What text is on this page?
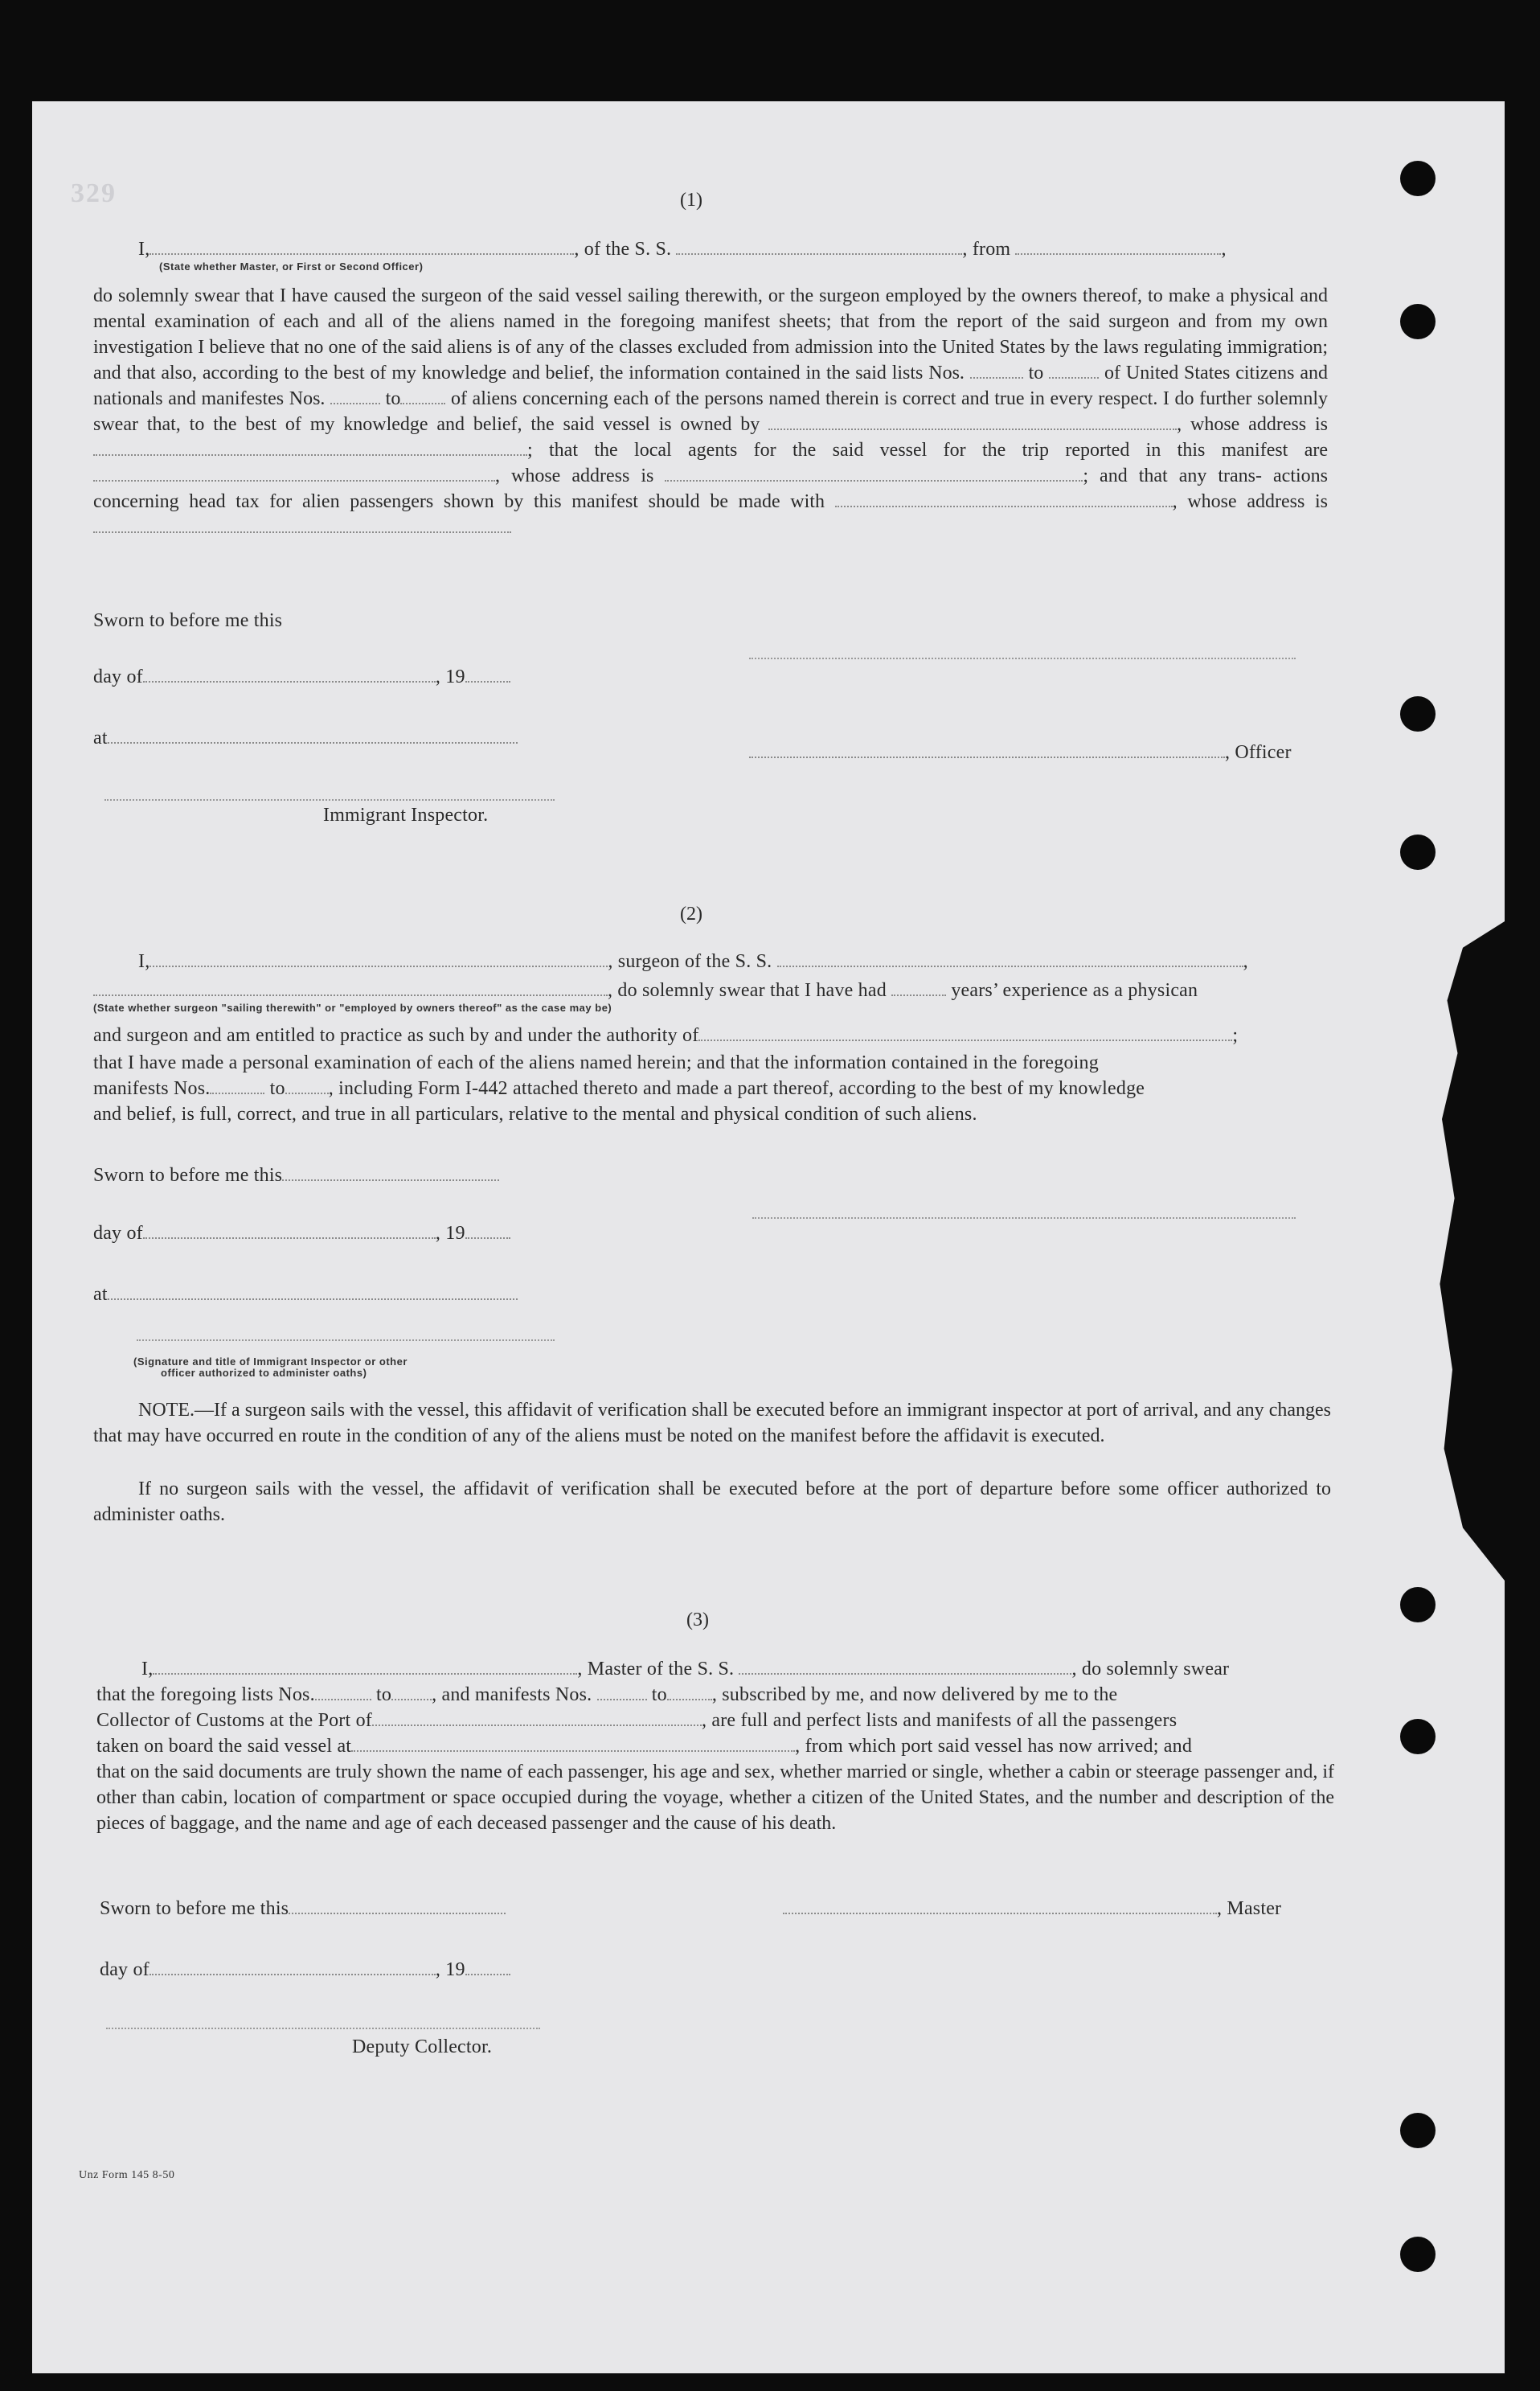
329	(1)
I,	, of the S. S.	, from	,
(State whether Master, or First or Second Officer)
do solemnly swear that I have caused the surgeon of the said vessel sailing therewith, or the surgeon employed by the owners thereof, to make a physical and mental examination of each and all of the aliens named in the foregoing manifest sheets; that from the report of the said surgeon and from my own investigation I believe that no one of the said aliens is of any of the classes excluded from admission into the United States by the laws regulating immigration; and that also, according to the best of my knowledge and belief, the information contained in the said lists Nos.	to	of United States citizens and nationals and manifestes Nos.	to	of aliens concerning each of the persons named therein is correct and true in every respect. I do further solemnly swear that, to the best of my knowledge and belief, the said vessel is owned by	, whose address is ; that the local agents for the said vessel for the trip reported in this manifest are , whose address is	; and that any trans- actions concerning head tax for alien passengers shown by this manifest should be made with	, whose address is
Sworn to before me this
day of	, 19
at
, Officer
Immigrant Inspector.
(2)
I,	, surgeon of the S. S.	,
, do solemnly swear that I have had	years’ experience as a physican
(State whether surgeon "sailing therewith" or "employed by owners thereof" as the case may be)
and surgeon and am entitled to practice as such by and under the authority of	;
that I have made a personal examination of each of the aliens named herein; and that the information contained in the foregoing
manifests Nos.	to , including Form I-442 attached thereto and made a part thereof, according to the best of my knowledge
and belief, is full, correct, and true in all particulars, relative to the mental and physical condition of such aliens.
Sworn to before me this
day of	, 19
at
(Signature and title of Immigrant Inspector or other
officer authorized to administer oaths)
NOTE.—If a surgeon sails with the vessel, this affidavit of verification shall be executed before an immigrant inspector at port of arrival, and any changes that may have occurred en route in the condition of any of the aliens must be noted on the manifest before the affidavit is executed.
If no surgeon sails with the vessel, the affidavit of verification shall be executed before at the port of departure before some officer authorized to administer oaths.
(3)
I,	, Master of the S. S.	, do solemnly swear
that the foregoing lists Nos.	to , and manifests Nos.	to , subscribed by me, and now delivered by me to the
Collector of Customs at the Port of	, are full and perfect lists and manifests of all the passengers
taken on board the said vessel at	, from which port said vessel has now arrived; and
that on the said documents are truly shown the name of each passenger, his age and sex, whether married or single, whether a cabin or steerage passenger and, if other than cabin, location of compartment or space occupied during the voyage, whether a citizen of the United States, and the number and description of the pieces of baggage, and the name and age of each deceased passenger and the cause of his death.
Sworn to before me this	, Master
day of	, 19
Deputy Collector.
Unz Form 145 8-50
